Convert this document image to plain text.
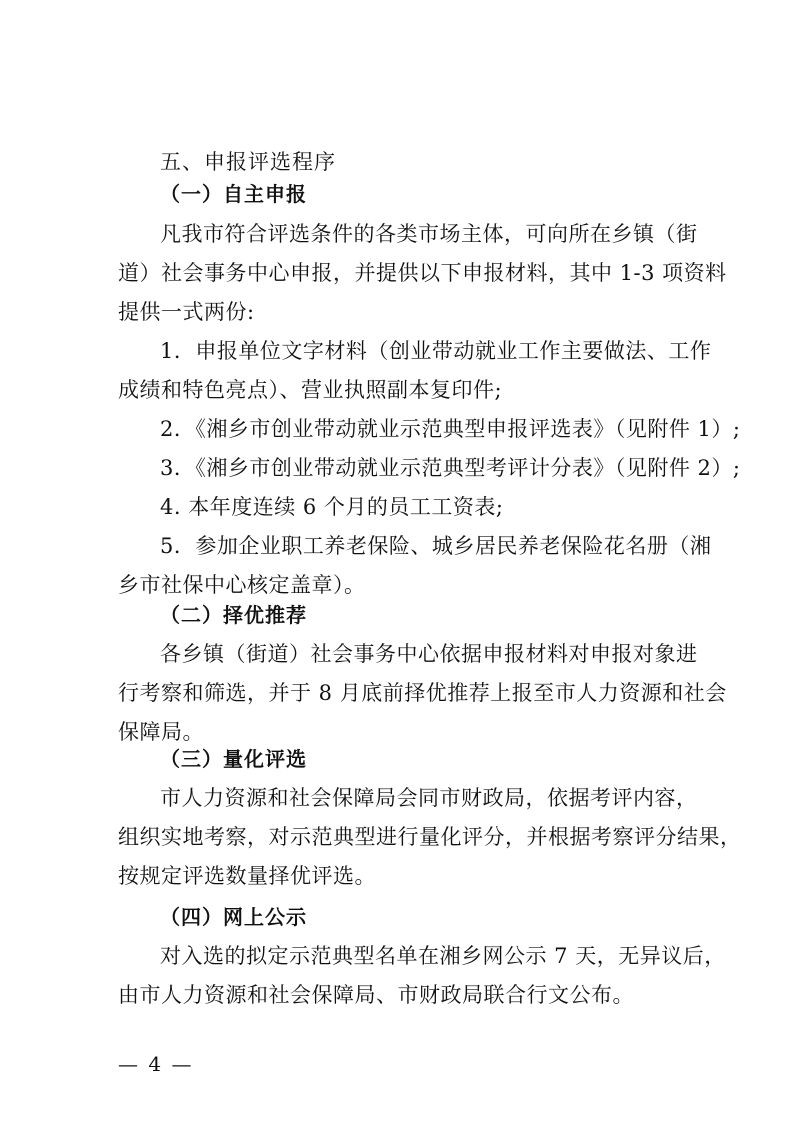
五、申报评选程序
（一）自主申报
凡我市符合评选条件的各类市场主体，可向所在乡镇（街
道）社会事务中心申报，并提供以下申报材料，其中 1-3 项资料
提供一式两份:
1．申报单位文字材料（创业带动就业工作主要做法、工作
成绩和特色亮点）、营业执照副本复印件;
2．《湘乡市创业带动就业示范典型申报评选表》（见附件 1）;
3．《湘乡市创业带动就业示范典型考评计分表》（见附件 2）;
4. 本年度连续 6 个月的员工工资表;
5．参加企业职工养老保险、城乡居民养老保险花名册（湘
乡市社保中心核定盖章）。
（二）择优推荐
各乡镇（街道）社会事务中心依据申报材料对申报对象进
行考察和筛选，并于 8 月底前择优推荐上报至市人力资源和社会
保障局。
（三）量化评选
市人力资源和社会保障局会同市财政局，依据考评内容，
组织实地考察，对示范典型进行量化评分，并根据考察评分结果，
按规定评选数量择优评选。
（四）网上公示
对入选的拟定示范典型名单在湘乡网公示 7 天，无异议后，
由市人力资源和社会保障局、市财政局联合行文公布。
— 4 —
